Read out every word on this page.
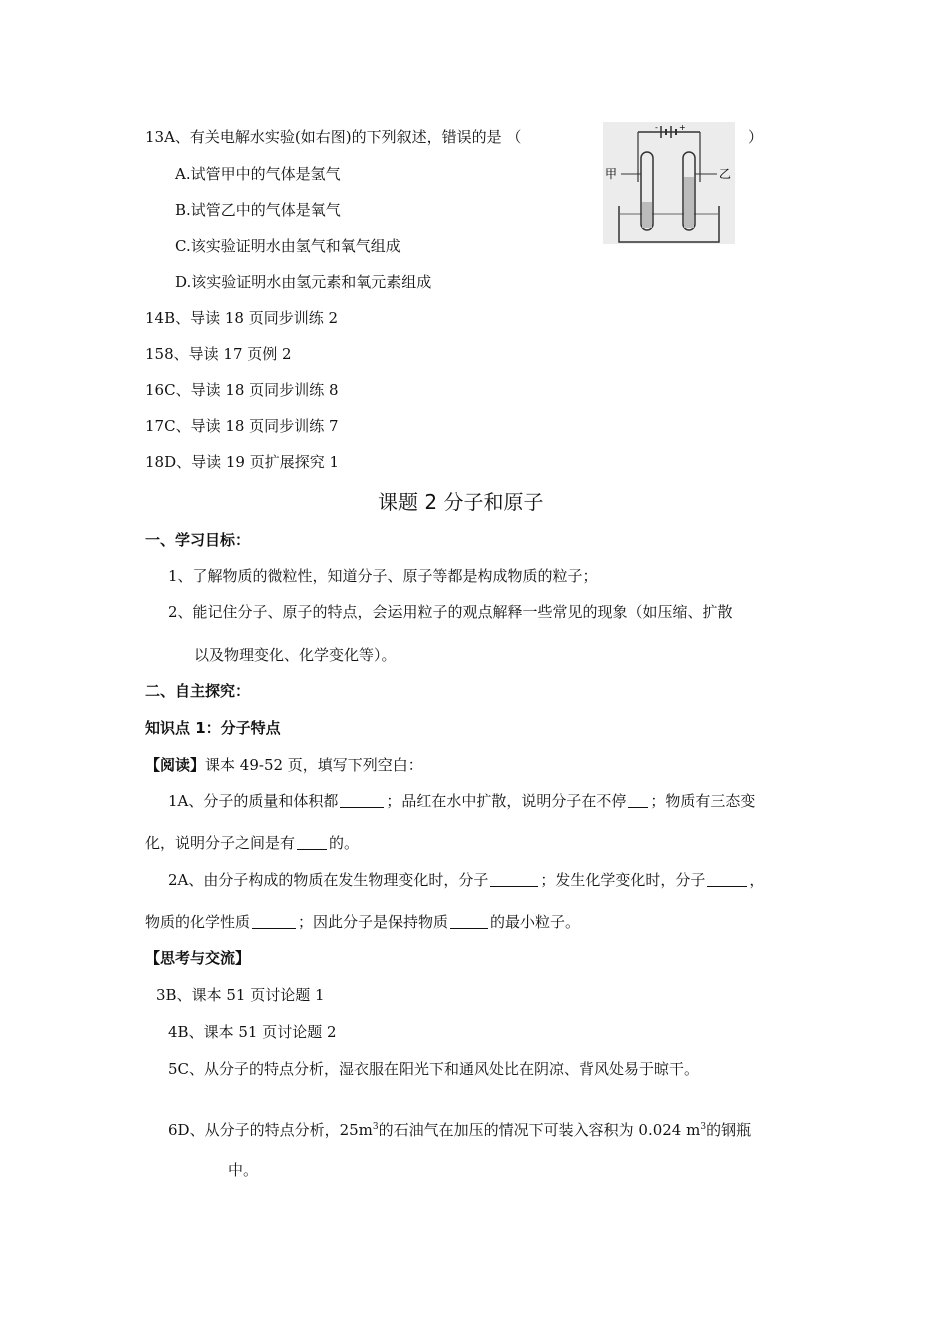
13A、有关电解水实验(如右图)的下列叙述，错误的是 （	）
-	+
甲	乙
A.试管甲中的气体是氢气
B.试管乙中的气体是氧气
C.该实验证明水由氢气和氧气组成
D.该实验证明水由氢元素和氧元素组成
14B、导读 18 页同步训练 2
158、导读 17 页例 2
16C、导读 18 页同步训练 8
17C、导读 18 页同步训练 7
18D、导读 19 页扩展探究 1
课题 2 分子和原子
一、学习目标：
1、了解物质的微粒性，知道分子、原子等都是构成物质的粒子；
2、能记住分子、原子的特点，会运用粒子的观点解释一些常见的现象（如压缩、扩散
以及物理变化、化学变化等）。
二、自主探究：
知识点 1：分子特点
【阅读】课本 49-52 页，填写下列空白：
1A、分子的质量和体积都	；品红在水中扩散，说明分子在不停 ；物质有三态变
化，说明分子之间是有 的。
2A、由分子构成的物质在发生物理变化时，分子	；发生化学变化时，分子	，
物质的化学性质	；因此分子是保持物质	的最小粒子。
【思考与交流】
3B、课本 51 页讨论题 1
4B、课本 51 页讨论题 2
5C、从分子的特点分析，湿衣服在阳光下和通风处比在阴凉、背风处易于晾干。
6D、从分子的特点分析，$25m^3$的石油气在加压的情况下可装入容积为 0.024 $m^3$的钢瓶
中。
